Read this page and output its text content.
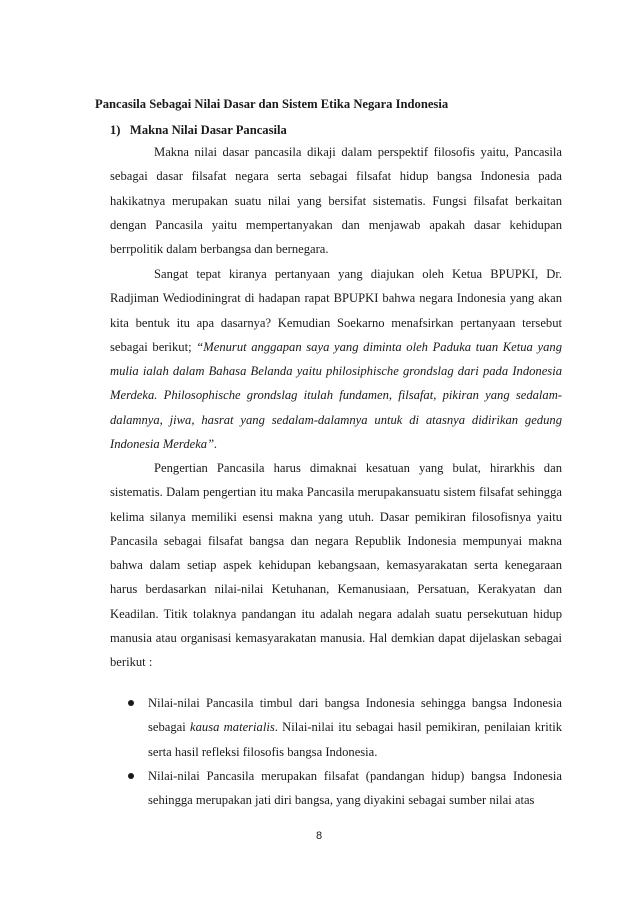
Pancasila Sebagai Nilai Dasar dan Sistem Etika Negara Indonesia
1)   Makna Nilai Dasar Pancasila

Makna nilai dasar pancasila dikaji dalam perspektif filosofis yaitu, Pancasila sebagai dasar filsafat negara serta sebagai filsafat hidup bangsa Indonesia pada hakikatnya merupakan suatu nilai yang bersifat sistematis. Fungsi filsafat berkaitan dengan Pancasila yaitu mempertanyakan dan menjawab apakah dasar kehidupan berrpolitik dalam berbangsa dan bernegara.

Sangat tepat kiranya pertanyaan yang diajukan oleh Ketua BPUPKI, Dr. Radjiman Wediodiningrat di hadapan rapat BPUPKI bahwa negara Indonesia yang akan kita bentuk itu apa dasarnya? Kemudian Soekarno menafsirkan pertanyaan tersebut sebagai berikut; “Menurut anggapan saya yang diminta oleh Paduka tuan Ketua yang mulia ialah dalam Bahasa Belanda yaitu philosiphische grondslag dari pada Indonesia Merdeka. Philosophische grondslag itulah fundamen, filsafat, pikiran yang sedalam-dalamnya, jiwa, hasrat yang sedalam-dalamnya untuk di atasnya didirikan gedung Indonesia Merdeka”.

Pengertian Pancasila harus dimaknai kesatuan yang bulat, hirarkhis dan sistematis. Dalam pengertian itu maka Pancasila merupakansuatu sistem filsafat sehingga kelima silanya memiliki esensi makna yang utuh. Dasar pemikiran filosofisnya yaitu Pancasila sebagai filsafat bangsa dan negara Republik Indonesia mempunyai makna bahwa dalam setiap aspek kehidupan kebangsaan, kemasyarakatan serta kenegaraan harus berdasarkan nilai-nilai Ketuhanan, Kemanusiaan, Persatuan, Kerakyatan dan Keadilan. Titik tolaknya pandangan itu adalah negara adalah suatu persekutuan hidup manusia atau organisasi kemasyarakatan manusia. Hal demkian dapat dijelaskan sebagai berikut :

Nilai-nilai Pancasila timbul dari bangsa Indonesia sehingga bangsa Indonesia sebagai kausa materialis. Nilai-nilai itu sebagai hasil pemikiran, penilaian kritik serta hasil refleksi filosofis bangsa Indonesia.
Nilai-nilai Pancasila merupakan filsafat (pandangan hidup) bangsa Indonesia sehingga merupakan jati diri bangsa, yang diyakini sebagai sumber nilai atas
8
